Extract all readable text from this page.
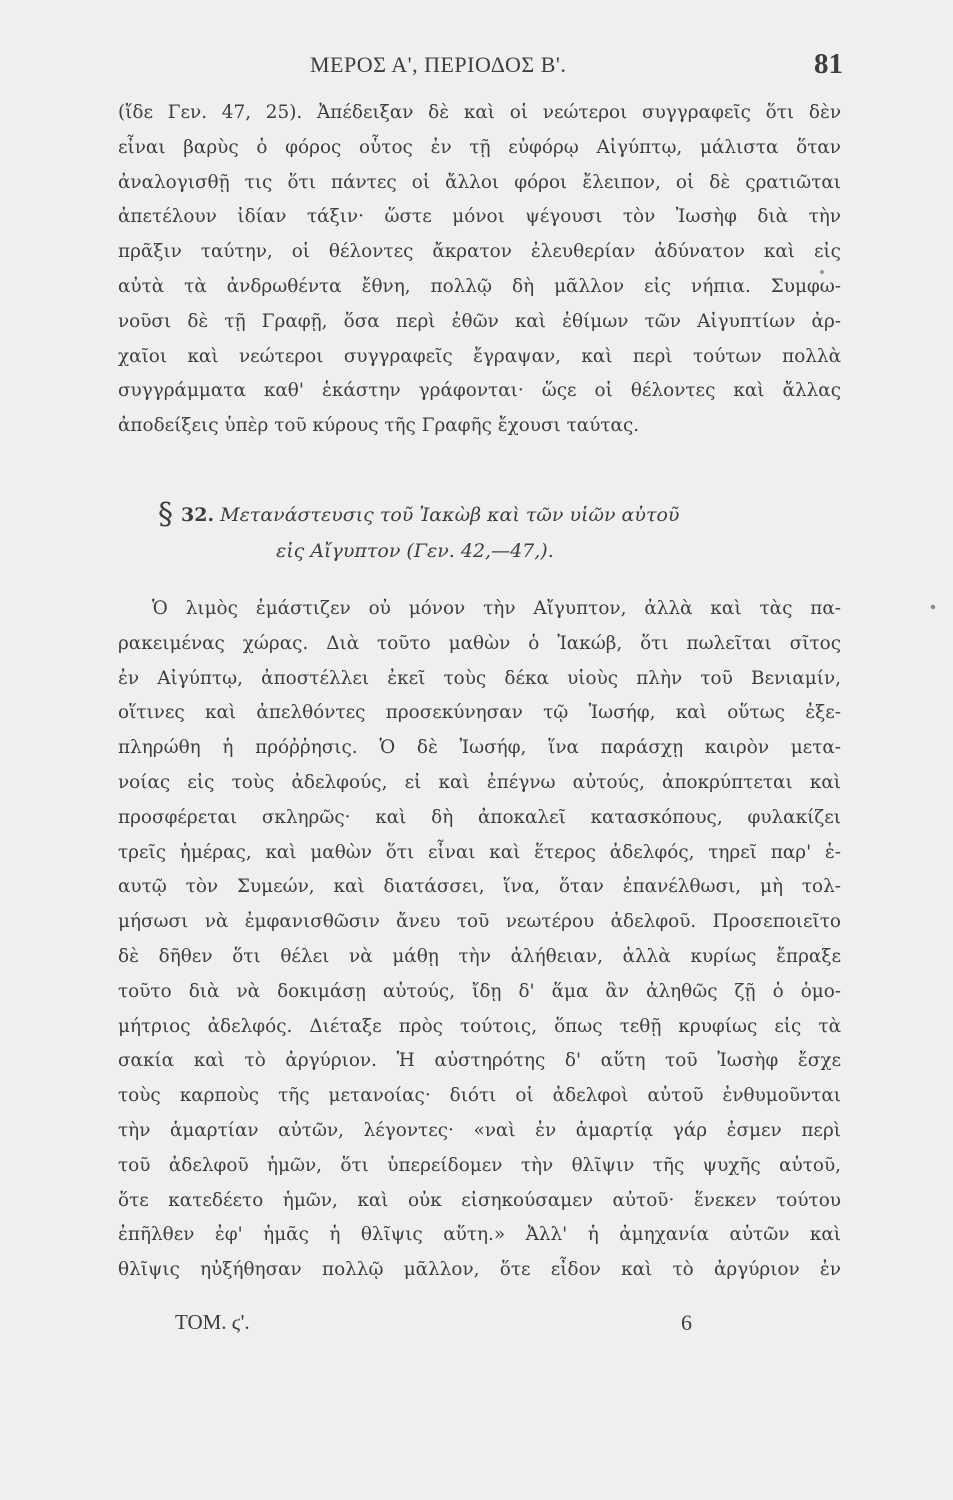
ΜΕΡΟΣ Α', ΠΕΡΙΟΔΟΣ Β'.	81
(ἴδε Γεν. 47, 25). Ἀπέδειξαν δὲ καὶ οἱ νεώτεροι συγγραφεῖς ὅτι δὲν
εἶναι βαρὺς ὁ φόρος οὗτος ἐν τῇ εὐφόρῳ Αἰγύπτῳ, μάλιστα ὅταν
ἀναλογισθῇ τις ὅτι πάντες οἱ ἄλλοι φόροι ἔλειπον, οἱ δὲ ςρατιῶται
ἀπετέλουν ἰδίαν τάξιν· ὥστε μόνοι ψέγουσι τὸν Ἰωσὴφ διὰ τὴν
πρᾶξιν ταύτην, οἱ θέλοντες ἄκρατον ἐλευθερίαν ἀδύνατον καὶ εἰς
αὐτὰ τὰ ἀνδρωθέντα ἔθνη, πολλῷ δὴ μᾶλλον εἰς νήπια. Συμφω-
νοῦσι δὲ τῇ Γραφῇ, ὅσα περὶ ἐθῶν καὶ ἐθίμων τῶν Αἰγυπτίων ἀρ-
χαῖοι καὶ νεώτεροι συγγραφεῖς ἔγραψαν, καὶ περὶ τούτων πολλὰ
συγγράμματα καθ' ἑκάστην γράφονται· ὥςε οἱ θέλοντες καὶ ἄλλας
ἀποδείξεις ὑπὲρ τοῦ κύρους τῆς Γραφῆς ἔχουσι ταύτας.
§ 32. Μετανάστευσις τοῦ Ἰακὼβ καὶ τῶν υἱῶν αὐτοῦ
εἰς Αἴγυπτον (Γεν. 42,—47,).
Ὁ λιμὸς ἐμάστιζεν οὐ μόνον τὴν Αἴγυπτον, ἀλλὰ καὶ τὰς πα-
ρακειμένας χώρας. Διὰ τοῦτο μαθὼν ὁ Ἰακώβ, ὅτι πωλεῖται σῖτος
ἐν Αἰγύπτῳ, ἀποστέλλει ἐκεῖ τοὺς δέκα υἱοὺς πλὴν τοῦ Βενιαμίν,
οἵτινες καὶ ἀπελθόντες προσεκύνησαν τῷ Ἰωσήφ, καὶ οὕτως ἐξε-
πληρώθη ἡ πρόῤῥησις. Ὁ δὲ Ἰωσήφ, ἵνα παράσχῃ καιρὸν μετα-
νοίας εἰς τοὺς ἀδελφούς, εἰ καὶ ἐπέγνω αὐτούς, ἀποκρύπτεται καὶ
προσφέρεται σκληρῶς· καὶ δὴ ἀποκαλεῖ κατασκόπους, φυλακίζει
τρεῖς ἡμέρας, καὶ μαθὼν ὅτι εἶναι καὶ ἕτερος ἀδελφός, τηρεῖ παρ' ἑ-
αυτῷ τὸν Συμεών, καὶ διατάσσει, ἵνα, ὅταν ἐπανέλθωσι, μὴ τολ-
μήσωσι νὰ ἐμφανισθῶσιν ἄνευ τοῦ νεωτέρου ἀδελφοῦ. Προσεποιεῖτο
δὲ δῆθεν ὅτι θέλει νὰ μάθῃ τὴν ἀλήθειαν, ἀλλὰ κυρίως ἔπραξε
τοῦτο διὰ νὰ δοκιμάσῃ αὐτούς, ἴδῃ δ' ἅμα ἂν ἀληθῶς ζῇ ὁ ὁμο-
μήτριος ἀδελφός. Διέταξε πρὸς τούτοις, ὅπως τεθῇ κρυφίως εἰς τὰ
σακία καὶ τὸ ἀργύριον. Ἡ αὐστηρότης δ' αὕτη τοῦ Ἰωσὴφ ἔσχε
τοὺς καρποὺς τῆς μετανοίας· διότι οἱ ἀδελφοὶ αὐτοῦ ἐνθυμοῦνται
τὴν ἁμαρτίαν αὐτῶν, λέγοντες· «ναὶ ἐν ἁμαρτίᾳ γάρ ἐσμεν περὶ
τοῦ ἀδελφοῦ ἡμῶν, ὅτι ὑπερείδομεν τὴν θλῖψιν τῆς ψυχῆς αὐτοῦ,
ὅτε κατεδέετο ἡμῶν, καὶ οὐκ εἰσηκούσαμεν αὐτοῦ· ἕνεκεν τούτου
ἐπῆλθεν ἐφ' ἡμᾶς ἡ θλῖψις αὕτη.» Ἀλλ' ἡ ἀμηχανία αὐτῶν καὶ
θλῖψις ηὐξήθησαν πολλῷ μᾶλλον, ὅτε εἶδον καὶ τὸ ἀργύριον ἐν
ΤΟΜ. ϛ'.	6
